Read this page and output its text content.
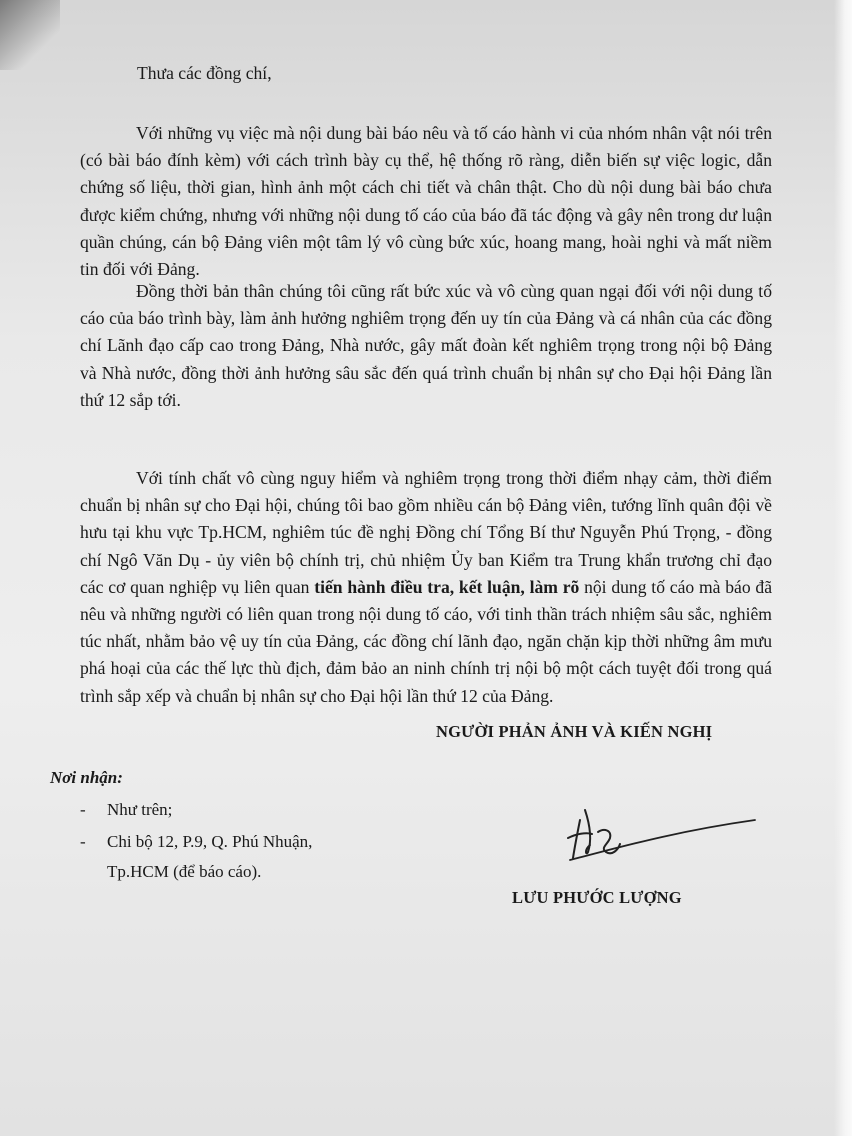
Thưa các đồng chí,
Với những vụ việc mà nội dung bài báo nêu và tố cáo hành vi của nhóm nhân vật nói trên (có bài báo đính kèm) với cách trình bày cụ thể, hệ thống rõ ràng, diễn biến sự việc logic, dẫn chứng số liệu, thời gian, hình ảnh một cách chi tiết và chân thật. Cho dù nội dung bài báo chưa được kiểm chứng, nhưng với những nội dung tố cáo của báo đã tác động và gây nên trong dư luận quần chúng, cán bộ Đảng viên một tâm lý vô cùng bức xúc, hoang mang, hoài nghi và mất niềm tin đối với Đảng.
Đồng thời bản thân chúng tôi cũng rất bức xúc và vô cùng quan ngại đối với nội dung tố cáo của báo trình bày, làm ảnh hưởng nghiêm trọng đến uy tín của Đảng và cá nhân của các đồng chí Lãnh đạo cấp cao trong Đảng, Nhà nước, gây mất đoàn kết nghiêm trọng trong nội bộ Đảng và Nhà nước, đồng thời ảnh hưởng sâu sắc đến quá trình chuẩn bị nhân sự cho Đại hội Đảng lần thứ 12 sắp tới.
Với tính chất vô cùng nguy hiểm và nghiêm trọng trong thời điểm nhạy cảm, thời điểm chuẩn bị nhân sự cho Đại hội, chúng tôi bao gồm nhiều cán bộ Đảng viên, tướng lĩnh quân đội về hưu tại khu vực Tp.HCM, nghiêm túc đề nghị Đồng chí Tổng Bí thư Nguyễn Phú Trọng, - đồng chí Ngô Văn Dụ - ủy viên bộ chính trị, chủ nhiệm Ủy ban Kiểm tra Trung khẩn trương chỉ đạo các cơ quan nghiệp vụ liên quan tiến hành điều tra, kết luận, làm rõ nội dung tố cáo mà báo đã nêu và những người có liên quan trong nội dung tố cáo, với tinh thần trách nhiệm sâu sắc, nghiêm túc nhất, nhằm bảo vệ uy tín của Đảng, các đồng chí lãnh đạo, ngăn chặn kịp thời những âm mưu phá hoại của các thế lực thù địch, đảm bảo an ninh chính trị nội bộ một cách tuyệt đối trong quá trình sắp xếp và chuẩn bị nhân sự cho Đại hội lần thứ 12 của Đảng.
NGƯỜI PHẢN ẢNH VÀ KIẾN NGHỊ
Nơi nhận:
- Như trên;
- Chi bộ 12, P.9, Q. Phú Nhuận,
Tp.HCM (để báo cáo).
LƯU PHƯỚC LƯỢNG
